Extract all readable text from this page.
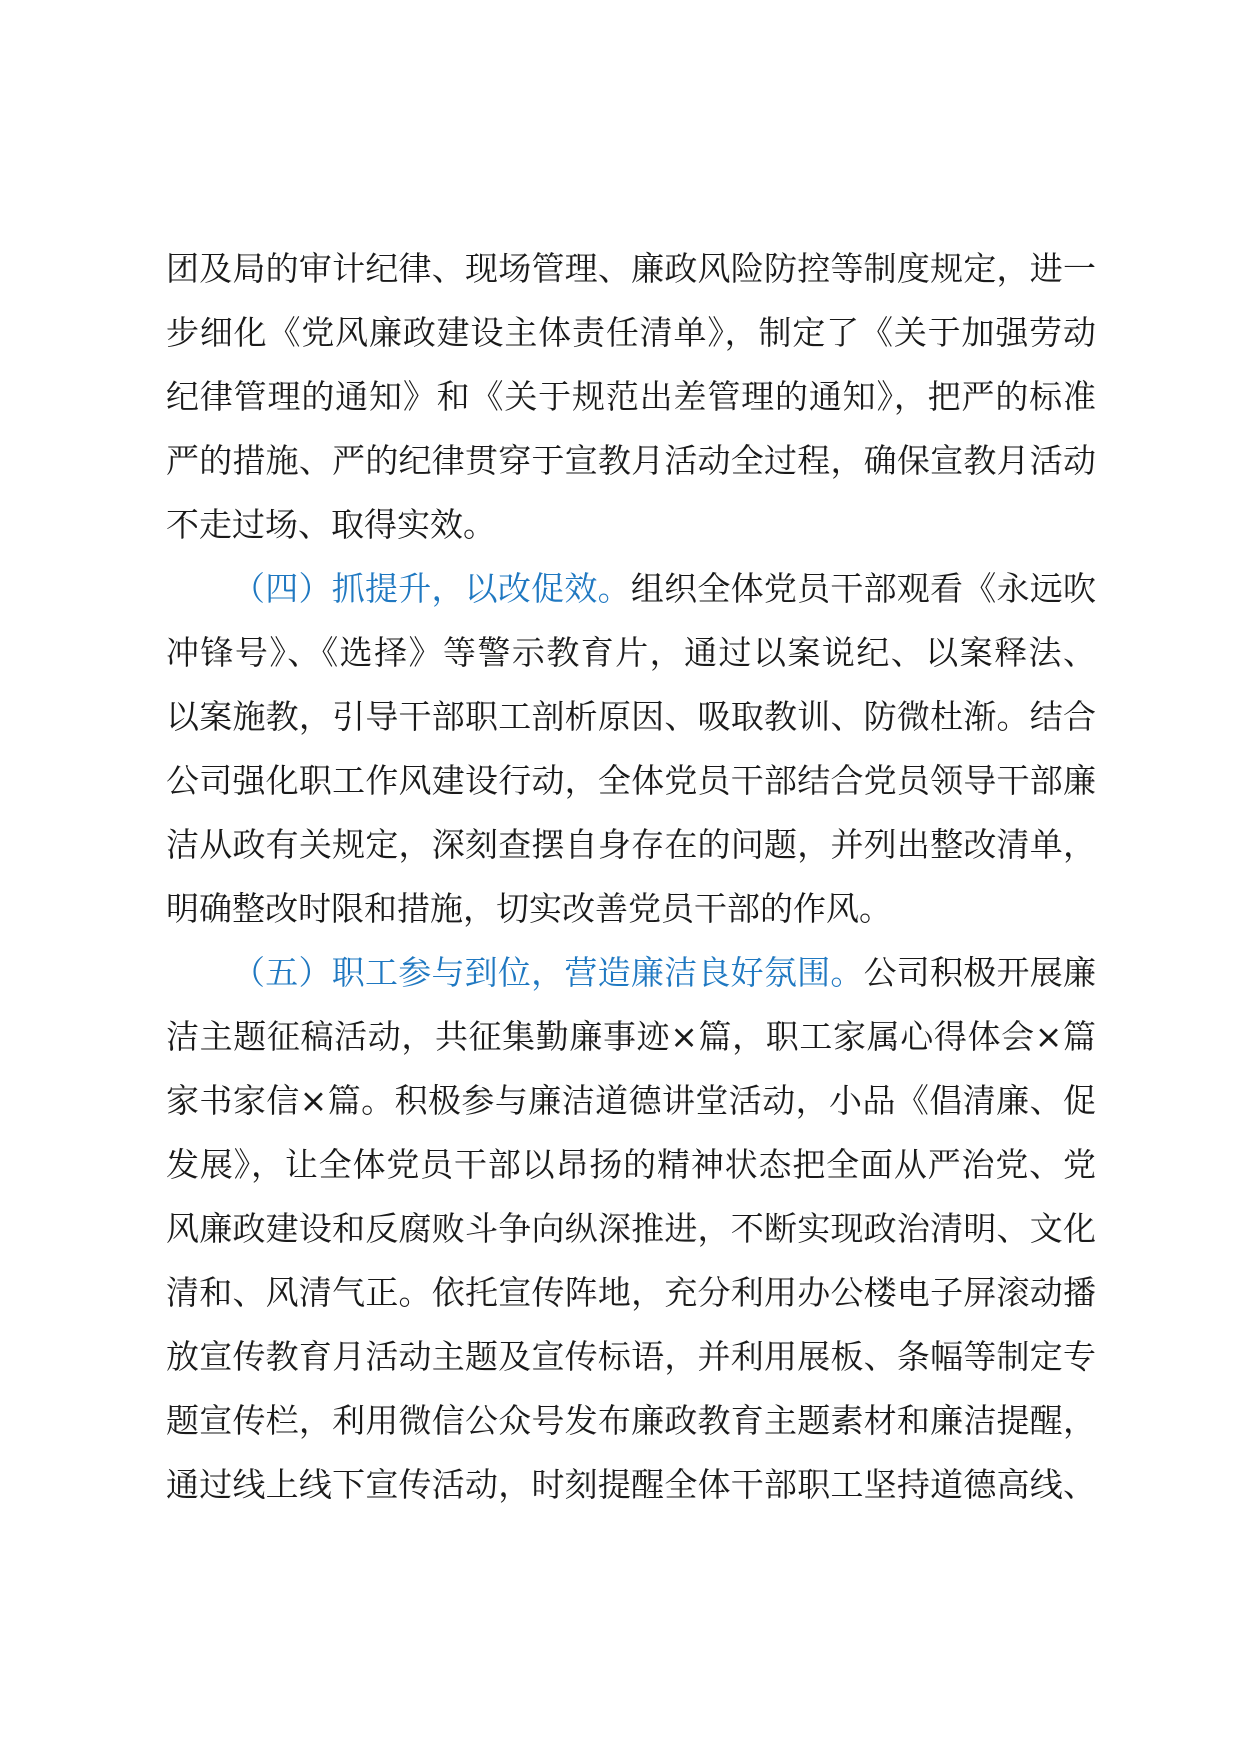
团及局的审计纪律、现场管理、廉政风险防控等制度规定，进一
步细化《党风廉政建设主体责任清单》，制定了《关于加强劳动
纪律管理的通知》和《关于规范出差管理的通知》，把严的标准
严的措施、严的纪律贯穿于宣教月活动全过程，确保宣教月活动
不走过场、取得实效。
（四）抓提升，以改促效。组织全体党员干部观看《永远吹
冲锋号》、《选择》等警示教育片，通过以案说纪、以案释法、
以案施教，引导干部职工剖析原因、吸取教训、防微杜渐。结合
公司强化职工作风建设行动，全体党员干部结合党员领导干部廉
洁从政有关规定，深刻查摆自身存在的问题，并列出整改清单，
明确整改时限和措施，切实改善党员干部的作风。
（五）职工参与到位，营造廉洁良好氛围。公司积极开展廉
洁主题征稿活动，共征集勤廉事迹×篇，职工家属心得体会×篇
家书家信×篇。积极参与廉洁道德讲堂活动，小品《倡清廉、促
发展》，让全体党员干部以昂扬的精神状态把全面从严治党、党
风廉政建设和反腐败斗争向纵深推进，不断实现政治清明、文化
清和、风清气正。依托宣传阵地，充分利用办公楼电子屏滚动播
放宣传教育月活动主题及宣传标语，并利用展板、条幅等制定专
题宣传栏，利用微信公众号发布廉政教育主题素材和廉洁提醒，
通过线上线下宣传活动，时刻提醒全体干部职工坚持道德高线、
